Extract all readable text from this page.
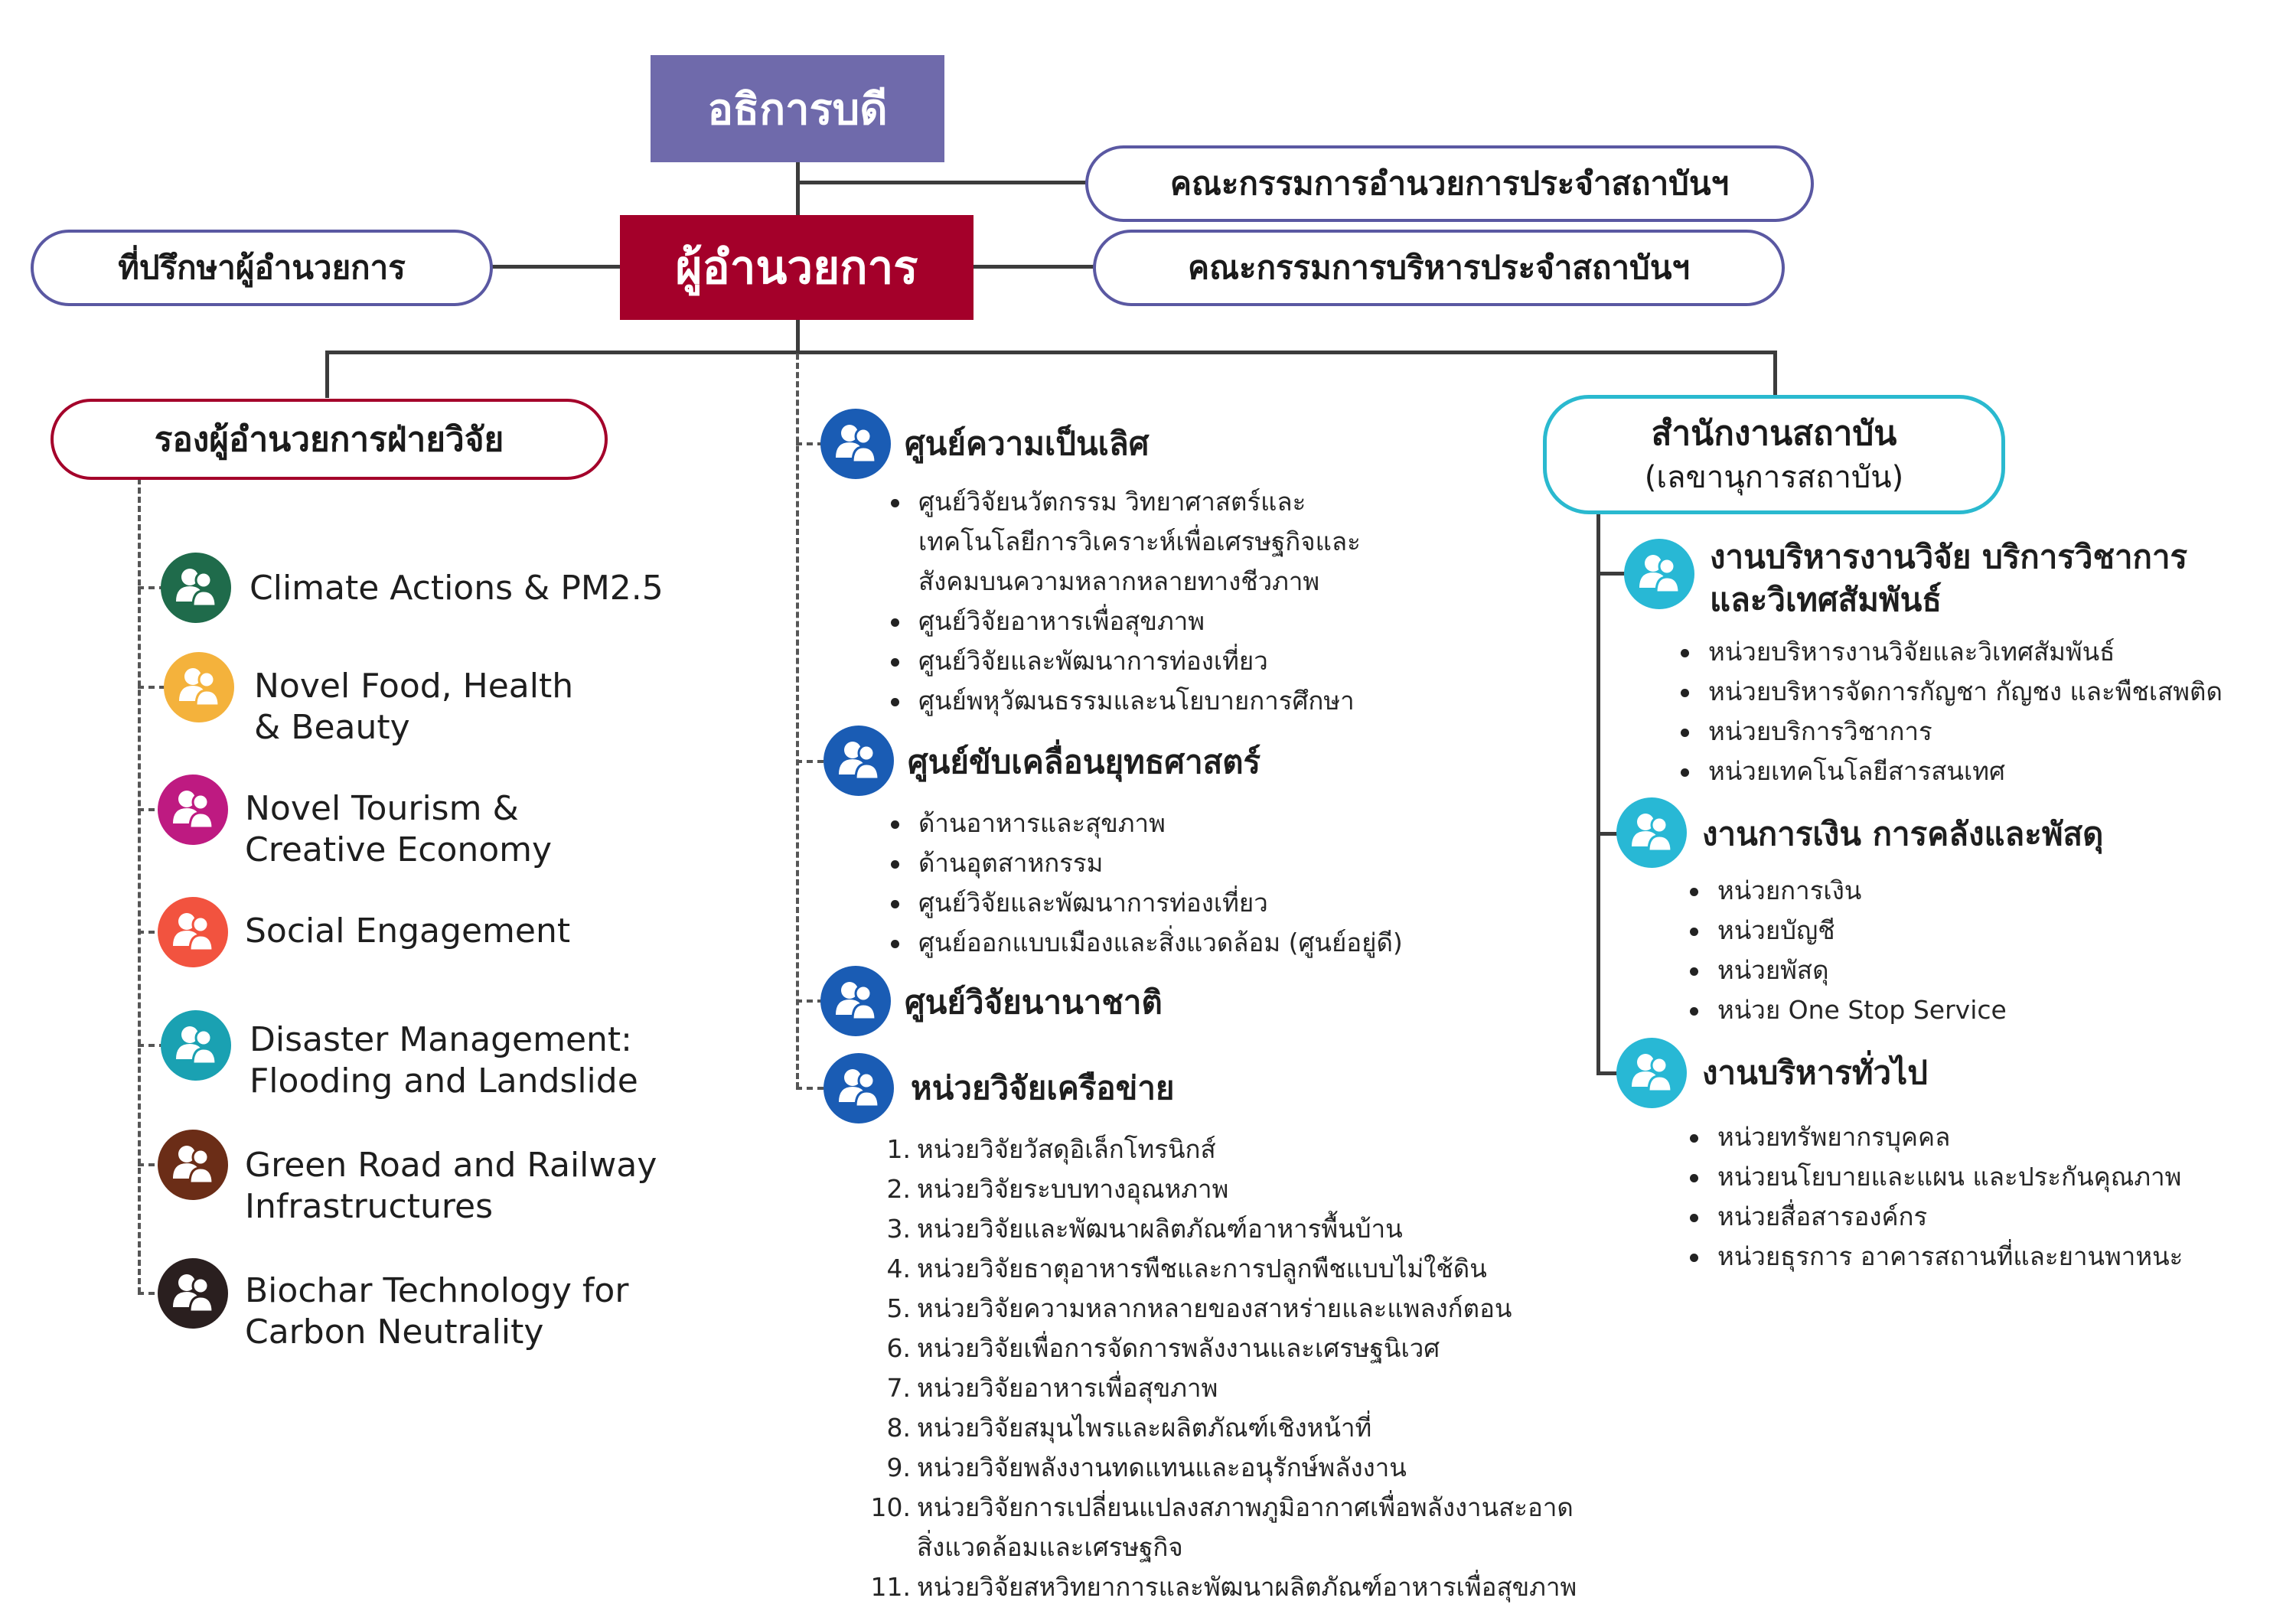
อธิการบดี
ผู้อำนวยการ
คณะกรรมการอำนวยการประจำสถาบันฯ
คณะกรรมการบริหารประจำสถาบันฯ
ที่ปรึกษาผู้อำนวยการ
รองผู้อำนวยการฝ่ายวิจัย
Climate Actions & PM2.5
Novel Food, Health
& Beauty
Novel Tourism &
Creative Economy
Social Engagement
Disaster Management:
Flooding and Landslide
Green Road and Railway
Infrastructures
Biochar Technology for
Carbon Neutrality
ศูนย์ความเป็นเลิศ
ศูนย์วิจัยนวัตกรรม วิทยาศาสตร์และ
เทคโนโลยีการวิเคราะห์เพื่อเศรษฐกิจและ
สังคมบนความหลากหลายทางชีวภาพ
ศูนย์วิจัยอาหารเพื่อสุขภาพ
ศูนย์วิจัยและพัฒนาการท่องเที่ยว
ศูนย์พหุวัฒนธรรมและนโยบายการศึกษา
ศูนย์ขับเคลื่อนยุทธศาสตร์
ด้านอาหารและสุขภาพ
ด้านอุตสาหกรรม
ศูนย์วิจัยและพัฒนาการท่องเที่ยว
ศูนย์ออกแบบเมืองและสิ่งแวดล้อม (ศูนย์อยู่ดี)
ศูนย์วิจัยนานาชาติ
หน่วยวิจัยเครือข่าย
1. หน่วยวิจัยวัสดุอิเล็กโทรนิกส์
2. หน่วยวิจัยระบบทางอุณหภาพ
3. หน่วยวิจัยและพัฒนาผลิตภัณฑ์อาหารพื้นบ้าน
4. หน่วยวิจัยธาตุอาหารพืชและการปลูกพืชแบบไม่ใช้ดิน
5. หน่วยวิจัยความหลากหลายของสาหร่ายและแพลงก์ตอน
6. หน่วยวิจัยเพื่อการจัดการพลังงานและเศรษฐนิเวศ
7. หน่วยวิจัยอาหารเพื่อสุขภาพ
8. หน่วยวิจัยสมุนไพรและผลิตภัณฑ์เชิงหน้าที่
9. หน่วยวิจัยพลังงานทดแทนและอนุรักษ์พลังงาน
10. หน่วยวิจัยการเปลี่ยนแปลงสภาพภูมิอากาศเพื่อพลังงานสะอาด
สิ่งแวดล้อมและเศรษฐกิจ
11. หน่วยวิจัยสหวิทยาการและพัฒนาผลิตภัณฑ์อาหารเพื่อสุขภาพ
สำนักงานสถาบัน
(เลขานุการสถาบัน)
งานบริหารงานวิจัย บริการวิชาการ
และวิเทศสัมพันธ์
หน่วยบริหารงานวิจัยและวิเทศสัมพันธ์
หน่วยบริหารจัดการกัญชา กัญชง และพืชเสพติด
หน่วยบริการวิชาการ
หน่วยเทคโนโลยีสารสนเทศ
งานการเงิน การคลังและพัสดุ
หน่วยการเงิน
หน่วยบัญชี
หน่วยพัสดุ
หน่วย One Stop Service
งานบริหารทั่วไป
หน่วยทรัพยากรบุคคล
หน่วยนโยบายและแผน และประกันคุณภาพ
หน่วยสื่อสารองค์กร
หน่วยธุรการ อาคารสถานที่และยานพาหนะ
